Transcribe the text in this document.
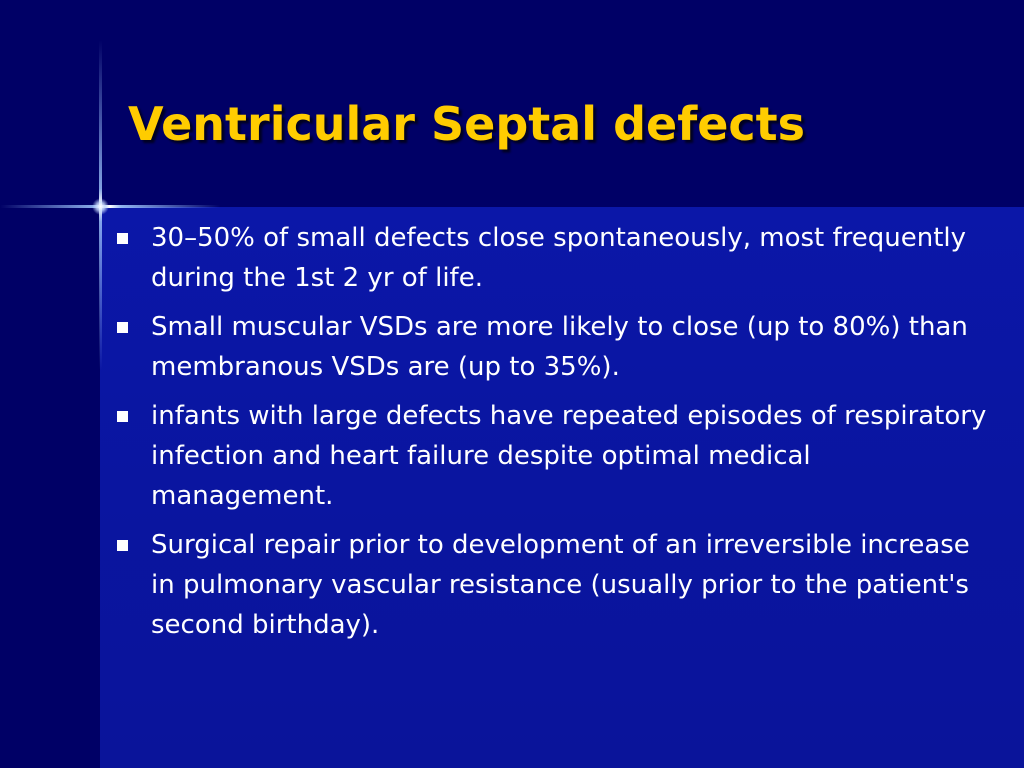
Ventricular Septal defects
30–50% of small defects close spontaneously, most frequently during the 1st 2 yr of life.
Small muscular VSDs are more likely to close (up to 80%) than membranous VSDs are (up to 35%).
infants with large defects have repeated episodes of respiratory infection and heart failure despite optimal medical management.
Surgical repair prior to development of an irreversible increase in pulmonary vascular resistance (usually prior to the patient's second birthday).
